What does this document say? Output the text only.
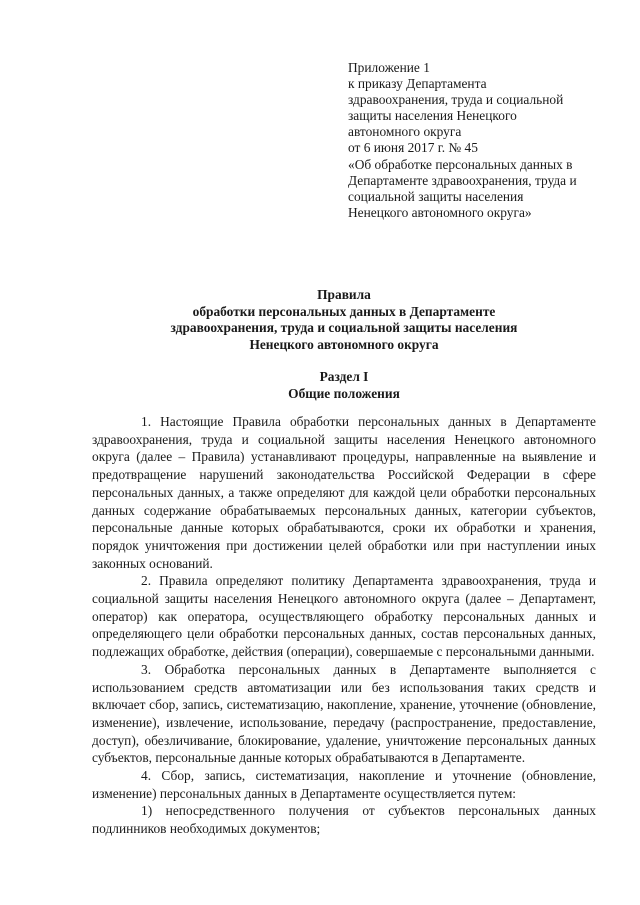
Приложение 1
к приказу Департамента
здравоохранения, труда и социальной
защиты населения Ненецкого
автономного округа
от 6 июня 2017 г. № 45
«Об обработке персональных данных в
Департаменте здравоохранения, труда и
социальной защиты населения
Ненецкого автономного округа»
Правила
обработки персональных данных в Департаменте
здравоохранения, труда и социальной защиты населения
Ненецкого автономного округа
Раздел I
Общие положения

1. Настоящие Правила обработки персональных данных в Департаменте здравоохранения, труда и социальной защиты населения Ненецкого автономного округа (далее – Правила) устанавливают процедуры, направленные на выявление и предотвращение нарушений законодательства Российской Федерации в сфере персональных данных, а также определяют для каждой цели обработки персональных данных содержание обрабатываемых персональных данных, категории субъектов, персональные данные которых обрабатываются, сроки их обработки и хранения, порядок уничтожения при достижении целей обработки или при наступлении иных законных оснований.

2. Правила определяют политику Департамента здравоохранения, труда и социальной защиты населения Ненецкого автономного округа (далее – Департамент, оператор) как оператора, осуществляющего обработку персональных данных и определяющего цели обработки персональных данных, состав персональных данных, подлежащих обработке, действия (операции), совершаемые с персональными данными.

3. Обработка персональных данных в Департаменте выполняется с использованием средств автоматизации или без использования таких средств и включает сбор, запись, систематизацию, накопление, хранение, уточнение (обновление, изменение), извлечение, использование, передачу (распространение, предоставление, доступ), обезличивание, блокирование, удаление, уничтожение персональных данных субъектов, персональные данные которых обрабатываются в Департаменте.

4. Сбор, запись, систематизация, накопление и уточнение (обновление, изменение) персональных данных в Департаменте осуществляется путем:

1) непосредственного получения от субъектов персональных данных подлинников необходимых документов;
